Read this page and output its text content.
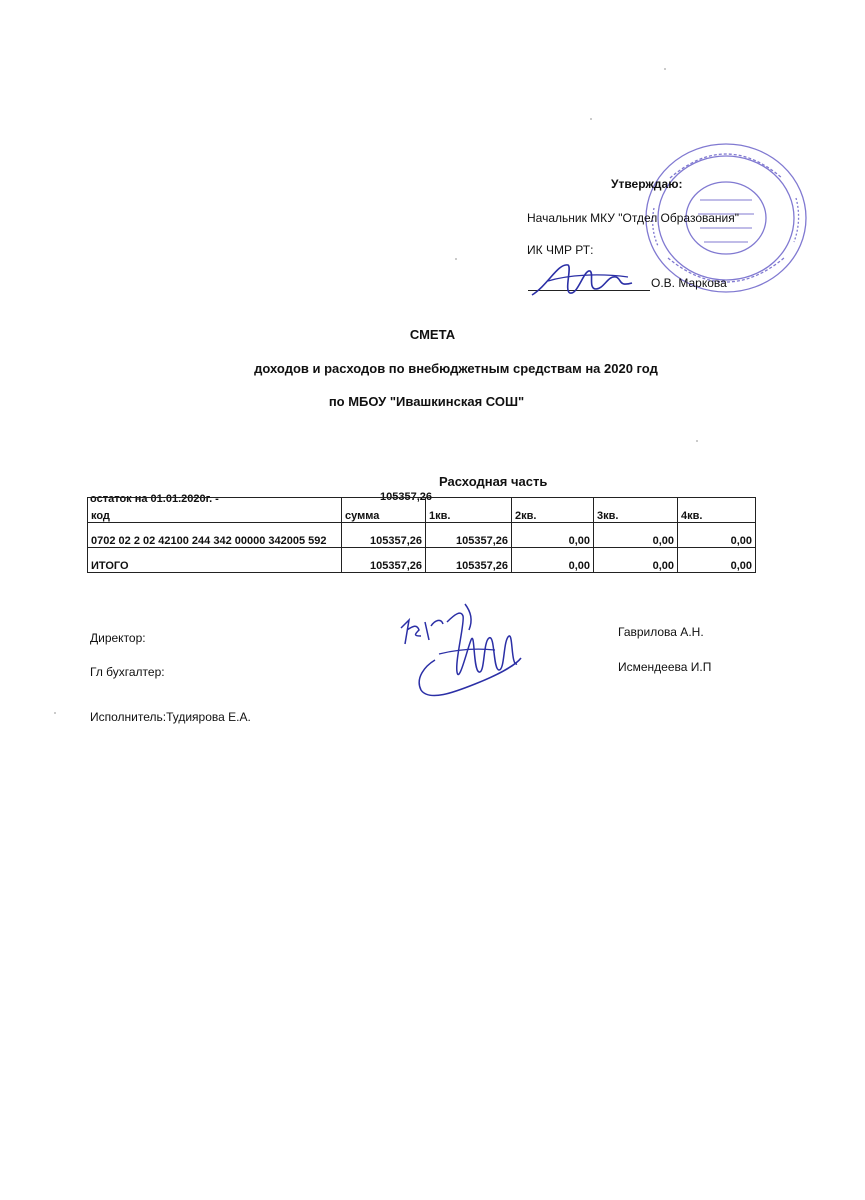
Утверждаю:
Начальник МКУ "Отдел Образования"
ИК ЧМР РТ:
О.В. Маркова
СМЕТА
доходов и расходов по внебюджетным средствам на 2020 год
по МБОУ "Ивашкинская СОШ"
Расходная часть
остаток на 01.01.2020г. -	105357,26
код	сумма	1кв.	2кв.	3кв.	4кв.
0702 02 2 02 42100 244 342 00000 342005 592	105357,26	105357,26	0,00	0,00	0,00
ИТОГО	105357,26	105357,26	0,00	0,00	0,00
Директор:	Гаврилова А.Н.
Гл бухгалтер:	Исмендеева И.П
Исполнитель:Тудиярова Е.А.
